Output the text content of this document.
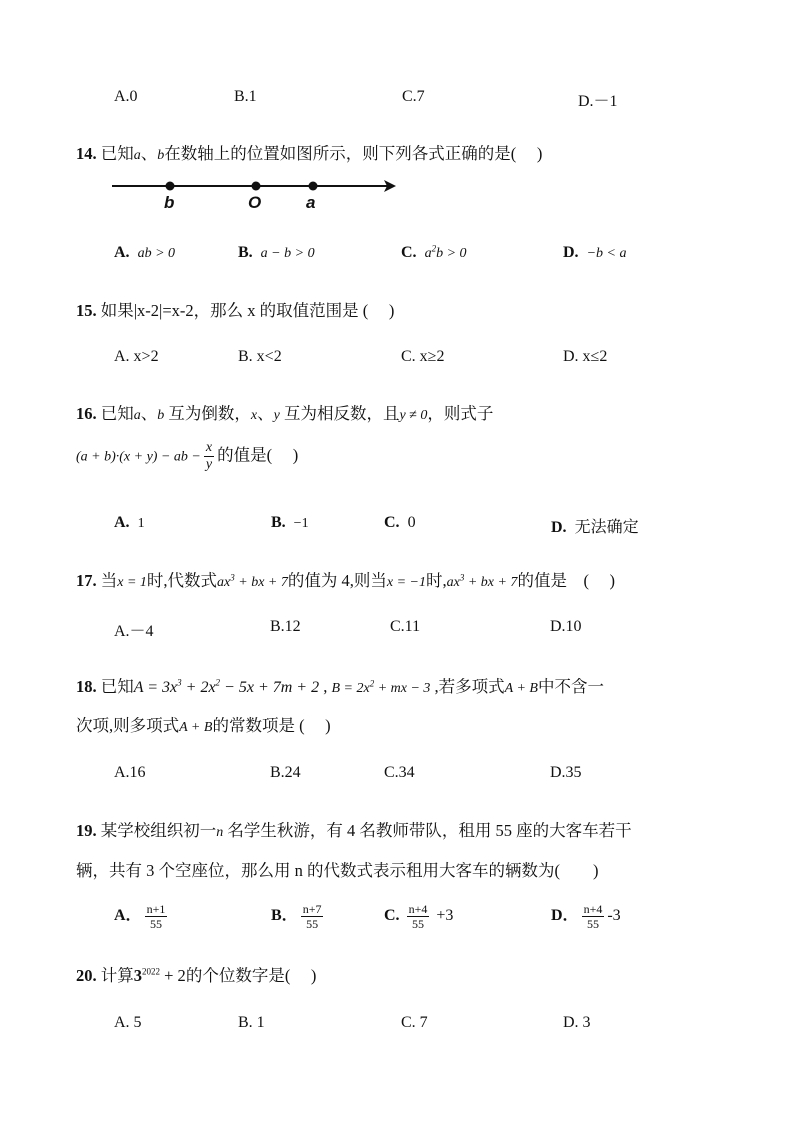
A.0	B.1	C.7	D.－1
14. 已知a、b在数轴上的位置如图所示，则下列各式正确的是(　 )
b	O	a
A. ab > 0	B. a − b > 0	C. $a^2b > 0$	D. −b < a
15. 如果|x-2|=x-2，那么 x 的取值范围是 (　 )
A. x>2	B. x<2	C. x≥2	D. x≤2
16. 已知a、b 互为倒数，x、y 互为相反数，且y ≠ 0，则式子
(a + b)·(x + y) − ab − $\frac{x}{y}$ 的值是(　 )
A. 1	B. −1	C. 0	D. 无法确定
17. 当x = 1时,代数式$ax^3$ + bx + 7的值为 4,则当x = −1时$,ax^3$ + bx + 7的值是　(　 )
A.－4	B.12	C.11	D.10
18. 已知$A = 3x^3 + 2x^2 - 5x + 7m + 2$ , $B = 2x^2$ + mx − 3 ,若多项式A + B中不含一
次项,则多项式A + B的常数项是 (　 )
A.16	B.24	C.34	D.35
19. 某学校组织初一n 名学生秋游，有 4 名教师带队，租用 55 座的大客车若干
辆，共有 3 个空座位，那么用 n 的代数式表示租用大客车的辆数为(　　)
A． $\frac{n+1}{55}$	B． $\frac{n+7}{55}$	C. $\frac{n+4}{55} +3$	D． $\frac{n+4}{55} -3$
20. 计算$3^{2022} + 2$的个位数字是(　 )
A. 5	B. 1	C. 7	D. 3
